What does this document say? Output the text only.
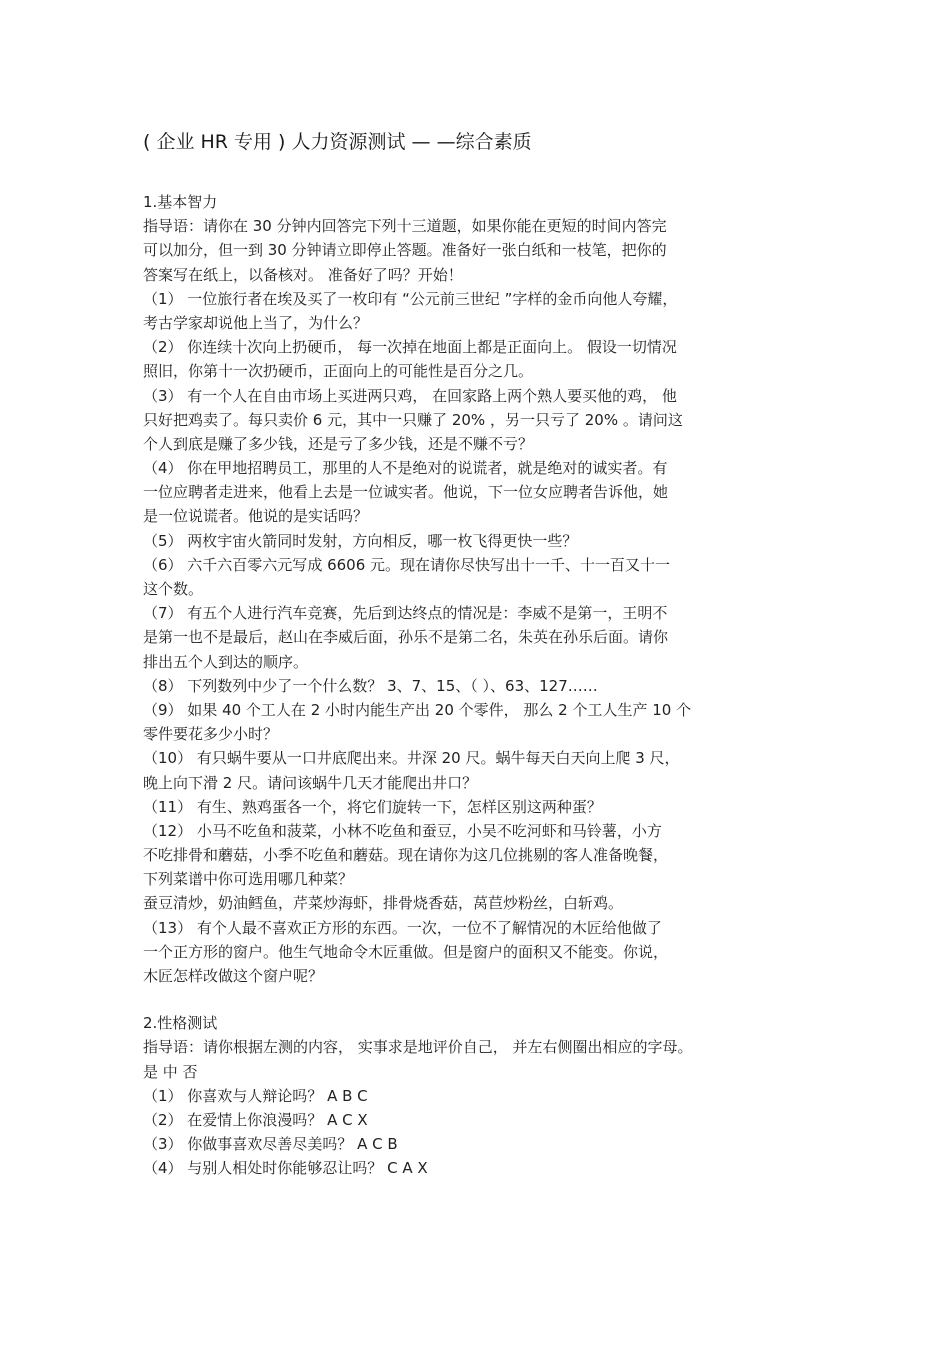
( 企业 HR 专用 ) 人力资源测试 — —综合素质
1.基本智力
指导语：请你在 30 分钟内回答完下列十三道题，如果你能在更短的时间内答完
可以加分，但一到 30 分钟请立即停止答题。准备好一张白纸和一枝笔，把你的
答案写在纸上，以备核对。 准备好了吗？开始！
（1） 一位旅行者在埃及买了一枚印有 “公元前三世纪 ”字样的金币向他人夸耀，
考古学家却说他上当了，为什么？
（2） 你连续十次向上扔硬币， 每一次掉在地面上都是正面向上。 假设一切情况
照旧，你第十一次扔硬币，正面向上的可能性是百分之几。
（3） 有一个人在自由市场上买进两只鸡， 在回家路上两个熟人要买他的鸡， 他
只好把鸡卖了。每只卖价 6 元，其中一只赚了 20% ，另一只亏了 20% 。请问这
个人到底是赚了多少钱，还是亏了多少钱，还是不赚不亏？
（4） 你在甲地招聘员工，那里的人不是绝对的说谎者，就是绝对的诚实者。有
一位应聘者走进来，他看上去是一位诚实者。他说，下一位女应聘者告诉他，她
是一位说谎者。他说的是实话吗？
（5） 两枚宇宙火箭同时发射，方向相反，哪一枚飞得更快一些？
（6） 六千六百零六元写成 6606 元。现在请你尽快写出十一千、十一百又十一
这个数。
（7） 有五个人进行汽车竞赛，先后到达终点的情况是：李威不是第一，王明不
是第一也不是最后，赵山在李威后面，孙乐不是第二名，朱英在孙乐后面。请你
排出五个人到达的顺序。
（8） 下列数列中少了一个什么数？ 3、7、15、（ ）、63、127……
（9） 如果 40 个工人在 2 小时内能生产出 20 个零件， 那么 2 个工人生产 10 个
零件要花多少小时？
（10） 有只蜗牛要从一口井底爬出来。井深 20 尺。蜗牛每天白天向上爬 3 尺，
晚上向下滑 2 尺。请问该蜗牛几天才能爬出井口？
（11） 有生、熟鸡蛋各一个，将它们旋转一下，怎样区别这两种蛋？
（12） 小马不吃鱼和菠菜，小林不吃鱼和蚕豆，小吴不吃河虾和马铃薯，小方
不吃排骨和蘑菇，小季不吃鱼和蘑菇。现在请你为这几位挑剔的客人准备晚餐，
下列菜谱中你可选用哪几种菜？
蚕豆清炒，奶油鳕鱼，芹菜炒海虾，排骨烧香菇，莴苣炒粉丝，白斩鸡。
（13） 有个人最不喜欢正方形的东西。一次，一位不了解情况的木匠给他做了
一个正方形的窗户。他生气地命令木匠重做。但是窗户的面积又不能变。你说，
木匠怎样改做这个窗户呢？
2.性格测试
指导语：请你根据左测的内容， 实事求是地评价自己， 并左右侧圈出相应的字母。
是 中 否
（1） 你喜欢与人辩论吗？ A B C
（2） 在爱情上你浪漫吗？ A C X
（3） 你做事喜欢尽善尽美吗？ A C B
（4） 与别人相处时你能够忍让吗？ C A X
